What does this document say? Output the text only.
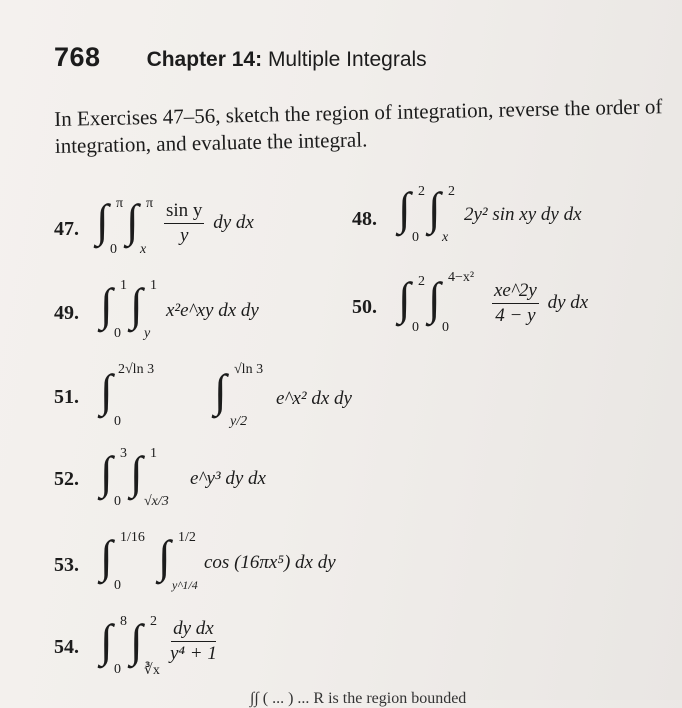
768 Chapter 14: Multiple Integrals
In Exercises 47–56, sketch the region of integration, reverse the order of integration, and evaluate the integral.
47. ∫ π
0
∫ π
x
$\frac{\text{sin y}}{y}$ dy dx	48. ∫ 2
0
∫ 2
x
2y² sin xy dy dx
49. ∫ 1
0
∫ 1
y
x²e^xy dx dy	50. ∫ 2
0
∫ 4−x²
0
$\frac{xe\^{}2y}{4 - y}$ dy dx
51. ∫ 2√ln 3
0
∫ √ln 3
y/2
e^x² dx dy
52. ∫ 3
0
∫ 1
√x/3
e^y³ dy dx
53. ∫ 1/16
0
∫ 1/2
y^1/4
cos (16πx⁵) dx dy
54. ∫ 8
0
∫ 2
∛x
$\frac{\text{dy dx}}{\text{y⁴ + 1}}$
∫∫ ( ... ) ... R is the region bounded
